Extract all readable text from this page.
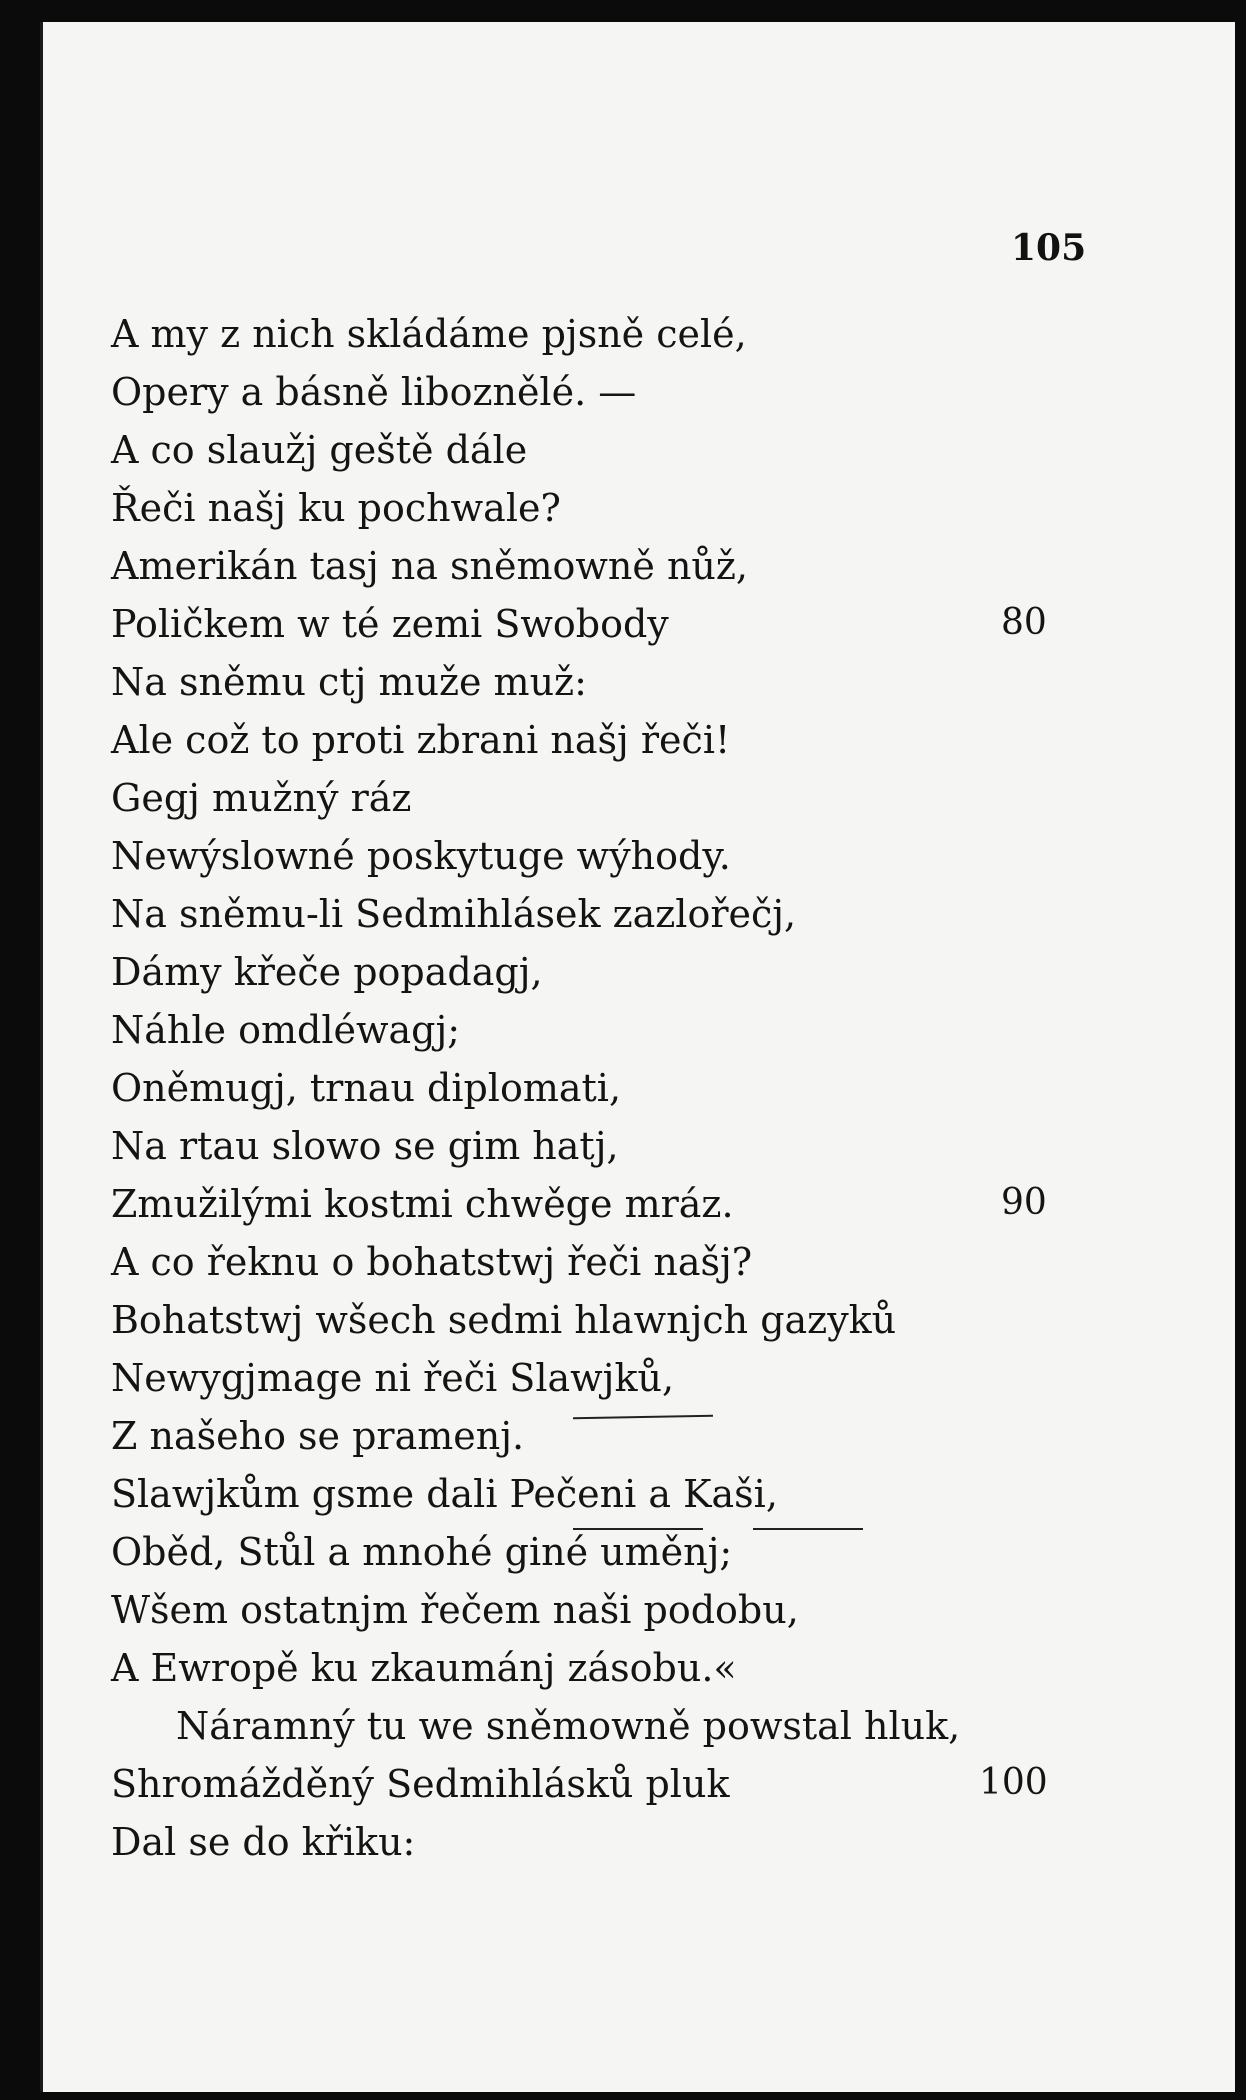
105
A my z nich skládáme pjsně celé,
Opery a básně liboznělé. —
A co slaužj geště dále
Řeči našj ku pochwale?
Amerikán tasj na sněmowně nůž,
Poličkem w té zemi Swobody
Na sněmu ctj muže muž:
Ale což to proti zbrani našj řeči!
Gegj mužný ráz
Newýslowné poskytuge wýhody.
Na sněmu-li Sedmihlásek zazlořečj,
Dámy křeče popadagj,
Náhle omdléwagj;
Oněmugj, trnau diplomati,
Na rtau slowo se gim hatj,
Zmužilými kostmi chwěge mráz.
A co řeknu o bohatstwj řeči našj?
Bohatstwj wšech sedmi hlawnjch gazyků
Newygjmage ni řeči Slawjků,
Z našeho se pramenj.
Slawjkům gsme dali Pečeni a Kaši,
Oběd, Stůl a mnohé giné uměnj;
Wšem ostatnjm řečem naši podobu,
A Ewropě ku zkaumánj zásobu.«
Náramný tu we sněmowně powstal hluk,
Shromážděný Sedmihlásků pluk
Dal se do křiku:
80
90
100
